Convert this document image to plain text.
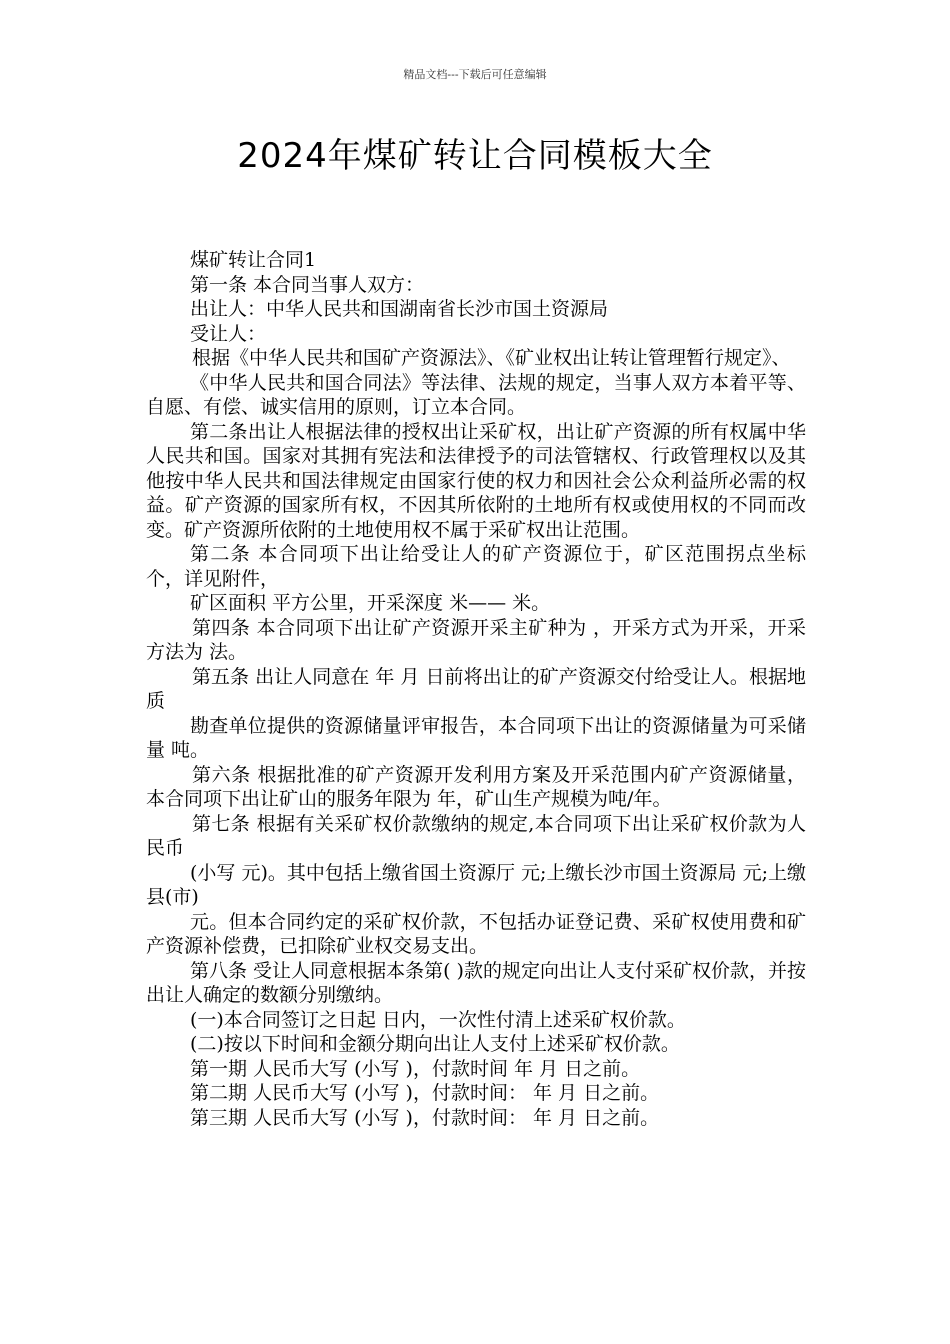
精品文档---下载后可任意编辑
2024年煤矿转让合同模板大全

煤矿转让合同1

第一条 本合同当事人双方：

出让人：中华人民共和国湖南省长沙市国土资源局

受让人：

根据《中华人民共和国矿产资源法》、《矿业权出让转让管理暂行规定》、

《中华人民共和国合同法》等法律、法规的规定，当事人双方本着平等、自愿、有偿、诚实信用的原则，订立本合同。

第二条出让人根据法律的授权出让采矿权，出让矿产资源的所有权属中华人民共和国。国家对其拥有宪法和法律授予的司法管辖权、行政管理权以及其他按中华人民共和国法律规定由国家行使的权力和因社会公众利益所必需的权益。矿产资源的国家所有权，不因其所依附的土地所有权或使用权的不同而改变。矿产资源所依附的土地使用权不属于采矿权出让范围。

第二条 本合同项下出让给受让人的矿产资源位于，矿区范围拐点坐标 个，详见附件，

矿区面积 平方公里，开采深度 米—— 米。

第四条 本合同项下出让矿产资源开采主矿种为 ，开采方式为开采，开采方法为 法。

第五条 出让人同意在 年 月 日前将出让的矿产资源交付给受让人。根据地质

勘查单位提供的资源储量评审报告，本合同项下出让的资源储量为可采储量 吨。

第六条 根据批准的矿产资源开发利用方案及开采范围内矿产资源储量，本合同项下出让矿山的服务年限为 年，矿山生产规模为吨/年。

第七条 根据有关采矿权价款缴纳的规定,本合同项下出让采矿权价款为人民币

(小写 元)。其中包括上缴省国土资源厅 元;上缴长沙市国土资源局 元;上缴 县(市)

元。但本合同约定的采矿权价款，不包括办证登记费、采矿权使用费和矿产资源补偿费，已扣除矿业权交易支出。

第八条 受让人同意根据本条第( )款的规定向出让人支付采矿权价款，并按出让人确定的数额分别缴纳。

(一)本合同签订之日起 日内，一次性付清上述采矿权价款。

(二)按以下时间和金额分期向出让人支付上述采矿权价款。

第一期 人民币大写 (小写 )，付款时间 年 月 日之前。

第二期 人民币大写 (小写 )，付款时间： 年 月 日之前。

第三期 人民币大写 (小写 )，付款时间： 年 月 日之前。
